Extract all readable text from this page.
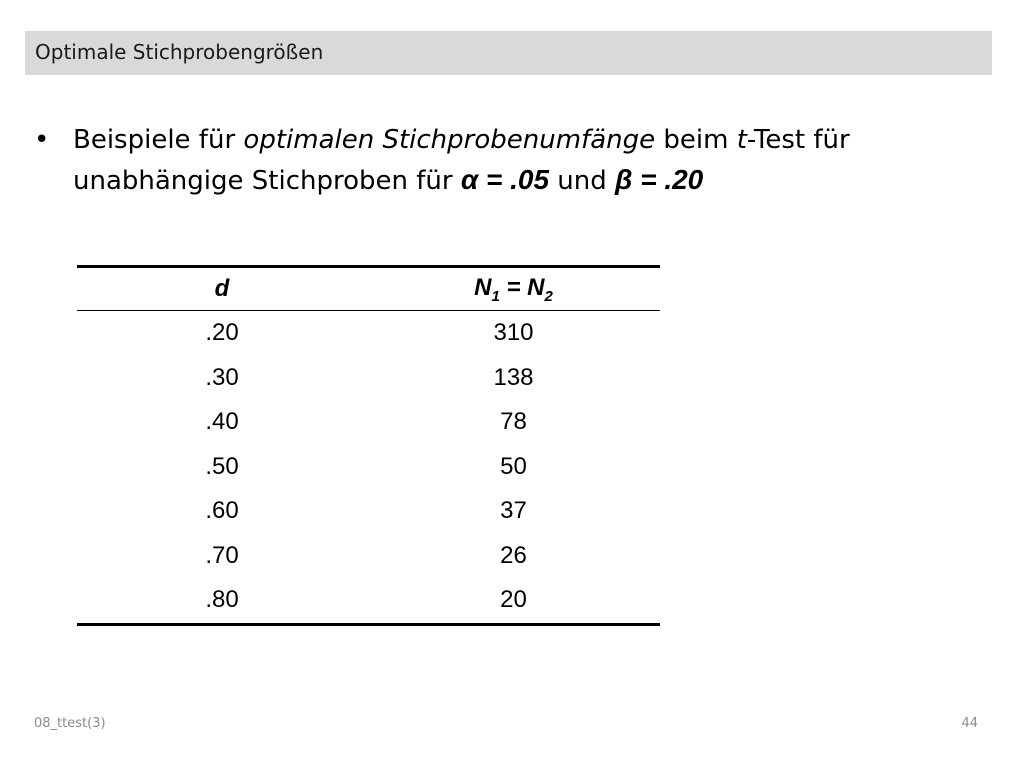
Optimale Stichprobengrößen
• Beispiele für optimalen Stichprobenumfänge beim t-Test für
unabhängige Stichproben für α = .05 und β = .20
d	$N_1 = N_2$
.20	310
.30	138
.40	78
.50	50
.60	37
.70	26
.80	20
08_ttest(3)	44
